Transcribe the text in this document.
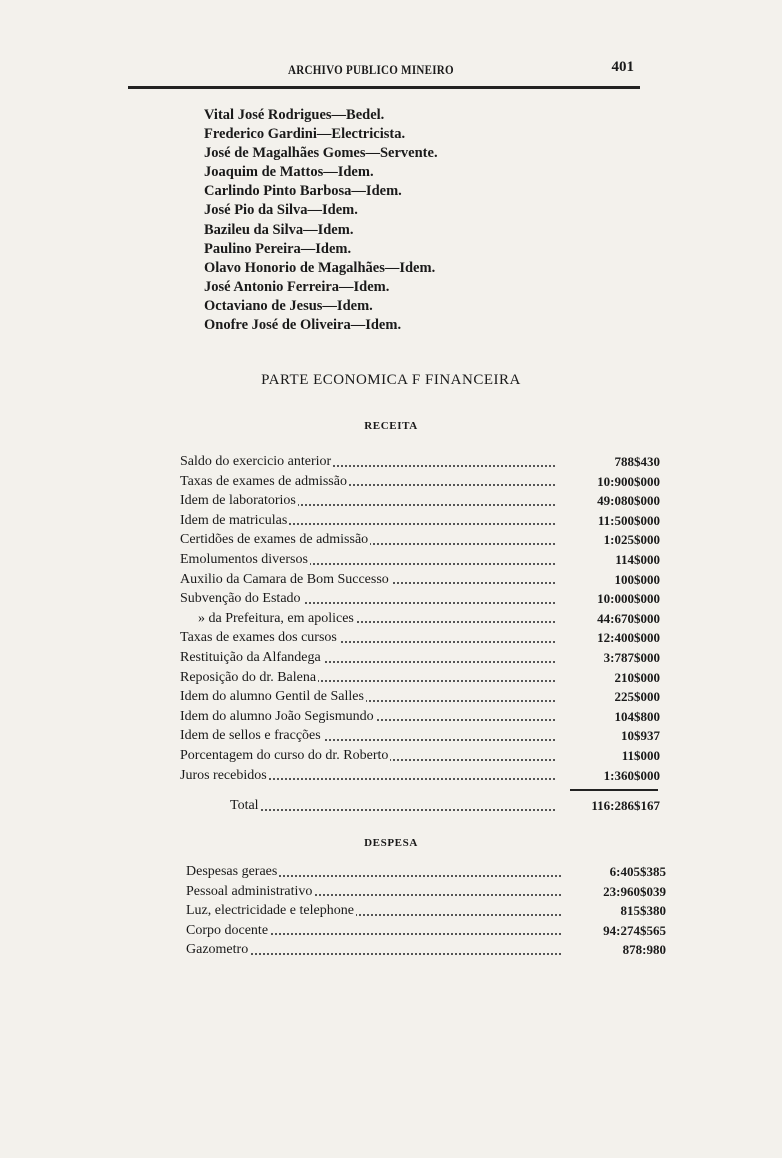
ARCHIVO PUBLICO MINEIRO	401
Vital José Rodrigues—Bedel.
Frederico Gardini—Electricista.
José de Magalhães Gomes—Servente.
Joaquim de Mattos—Idem.
Carlindo Pinto Barbosa—Idem.
José Pio da Silva—Idem.
Bazileu da Silva—Idem.
Paulino Pereira—Idem.
Olavo Honorio de Magalhães—Idem.
José Antonio Ferreira—Idem.
Octaviano de Jesus—Idem.
Onofre José de Oliveira—Idem.
PARTE ECONOMICA F FINANCEIRA
RECEITA
Saldo do exercicio anterior	788$430
Taxas de exames de admissão	10:900$000
Idem de laboratorios	49:080$000
Idem de matriculas	11:500$000
Certidões de exames de admissão	1:025$000
Emolumentos diversos	114$000
Auxilio da Camara de Bom Successo	100$000
Subvenção do Estado	10:000$000
» da Prefeitura, em apolices	44:670$000
Taxas de exames dos cursos	12:400$000
Restituição da Alfandega	3:787$000
Reposição do dr. Balena	210$000
Idem do alumno Gentil de Salles	225$000
Idem do alumno João Segismundo	104$800
Idem de sellos e fracções	10$937
Porcentagem do curso do dr. Roberto	11$000
Juros recebidos	1:360$000
Total	116:286$167
DESPESA
Despesas geraes	6:405$385
Pessoal administrativo	23:960$039
Luz, electricidade e telephone	815$380
Corpo docente	94:274$565
Gazometro	878:980
